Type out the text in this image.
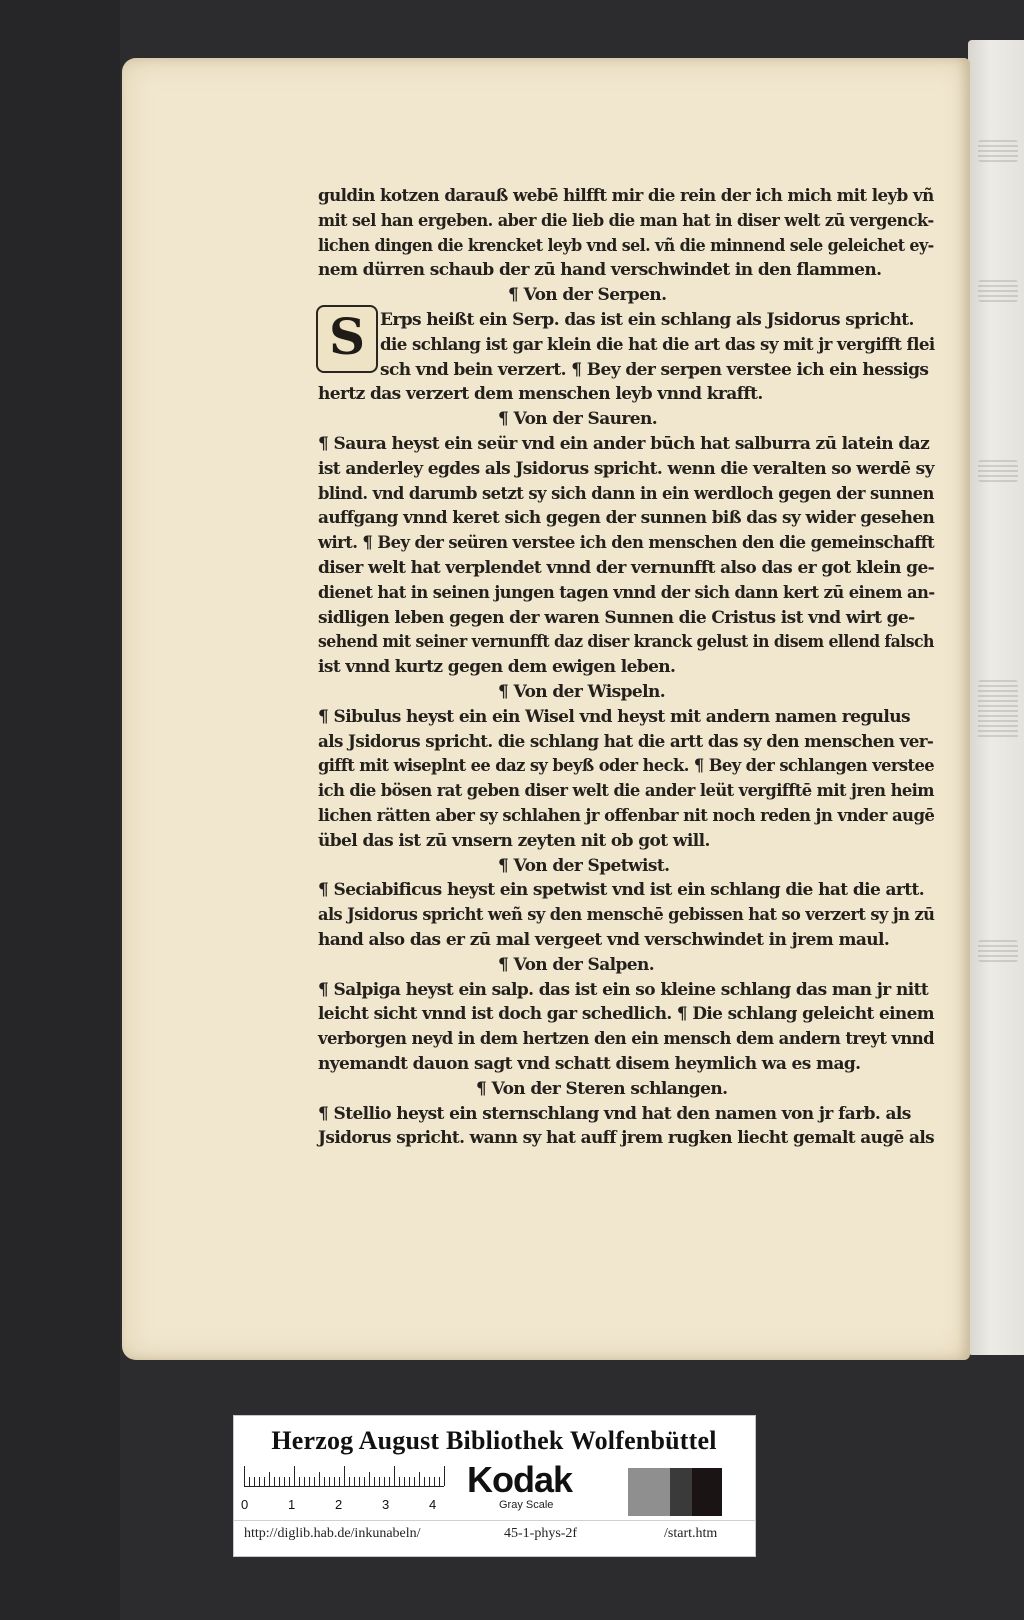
S
guldin kotzen darauß webē hilfft mir die rein der ich mich mit leyb vñ
mit sel han ergeben. aber die lieb die man hat in diser welt zū vergenck‑
lichen dingen die krencket leyb vnd sel. vñ die minnend sele geleichet ey‑
nem dürren schaub der zū hand verschwindet in den flammen.
¶ Von der Serpen.
Erps heißt ein Serp. das ist ein schlang als Jsidorus spricht.
die schlang ist gar klein die hat die art das sy mit jr vergifft flei
sch vnd bein verzert. ¶ Bey der serpen verstee ich ein hessigs
hertz das verzert dem menschen leyb vnnd krafft.
¶ Von der Sauren.
¶ Saura heyst ein seür vnd ein ander būch hat salburra zū latein daz
ist anderley egdes als Jsidorus spricht. wenn die veralten so werdē sy
blind. vnd darumb setzt sy sich dann in ein werdloch gegen der sunnen
auffgang vnnd keret sich gegen der sunnen biß das sy wider gesehen
wirt. ¶ Bey der seüren verstee ich den menschen den die gemeinschafft
diser welt hat verplendet vnnd der vernunfft also das er got klein ge‑
dienet hat in seinen jungen tagen vnnd der sich dann kert zū einem an‑
sidligen leben gegen der waren Sunnen die Cristus ist vnd wirt ge‑
sehend mit seiner vernunfft daz diser kranck gelust in disem ellend falsch
ist vnnd kurtz gegen dem ewigen leben.
¶ Von der Wispeln.
¶ Sibulus heyst ein ein Wisel vnd heyst mit andern namen regulus
als Jsidorus spricht. die schlang hat die artt das sy den menschen ver‑
gifft mit wiseplnt ee daz sy beyß oder heck. ¶ Bey der schlangen verstee
ich die bösen rat geben diser welt die ander leüt vergifftē mit jren heim
lichen rätten aber sy schlahen jr offenbar nit noch reden jn vnder augē
übel das ist zū vnsern zeyten nit ob got will.
¶ Von der Spetwist.
¶ Seciabificus heyst ein spetwist vnd ist ein schlang die hat die artt.
als Jsidorus spricht weñ sy den menschē gebissen hat so verzert sy jn zū
hand also das er zū mal vergeet vnd verschwindet in jrem maul.
¶ Von der Salpen.
¶ Salpiga heyst ein salp. das ist ein so kleine schlang das man jr nitt
leicht sicht vnnd ist doch gar schedlich. ¶ Die schlang geleicht einem
verborgen neyd in dem hertzen den ein mensch dem andern treyt vnnd
nyemandt dauon sagt vnd schatt disem heymlich wa es mag.
¶ Von der Steren schlangen.
¶ Stellio heyst ein sternschlang vnd hat den namen von jr farb. als
Jsidorus spricht. wann sy hat auff jrem rugken liecht gemalt augē als
Herzog August Bibliothek Wolfenbüttel
0	1	2	3	4
Kodak
Gray Scale
http://diglib.hab.de/inkunabeln/	45-1-phys-2f	/start.htm
